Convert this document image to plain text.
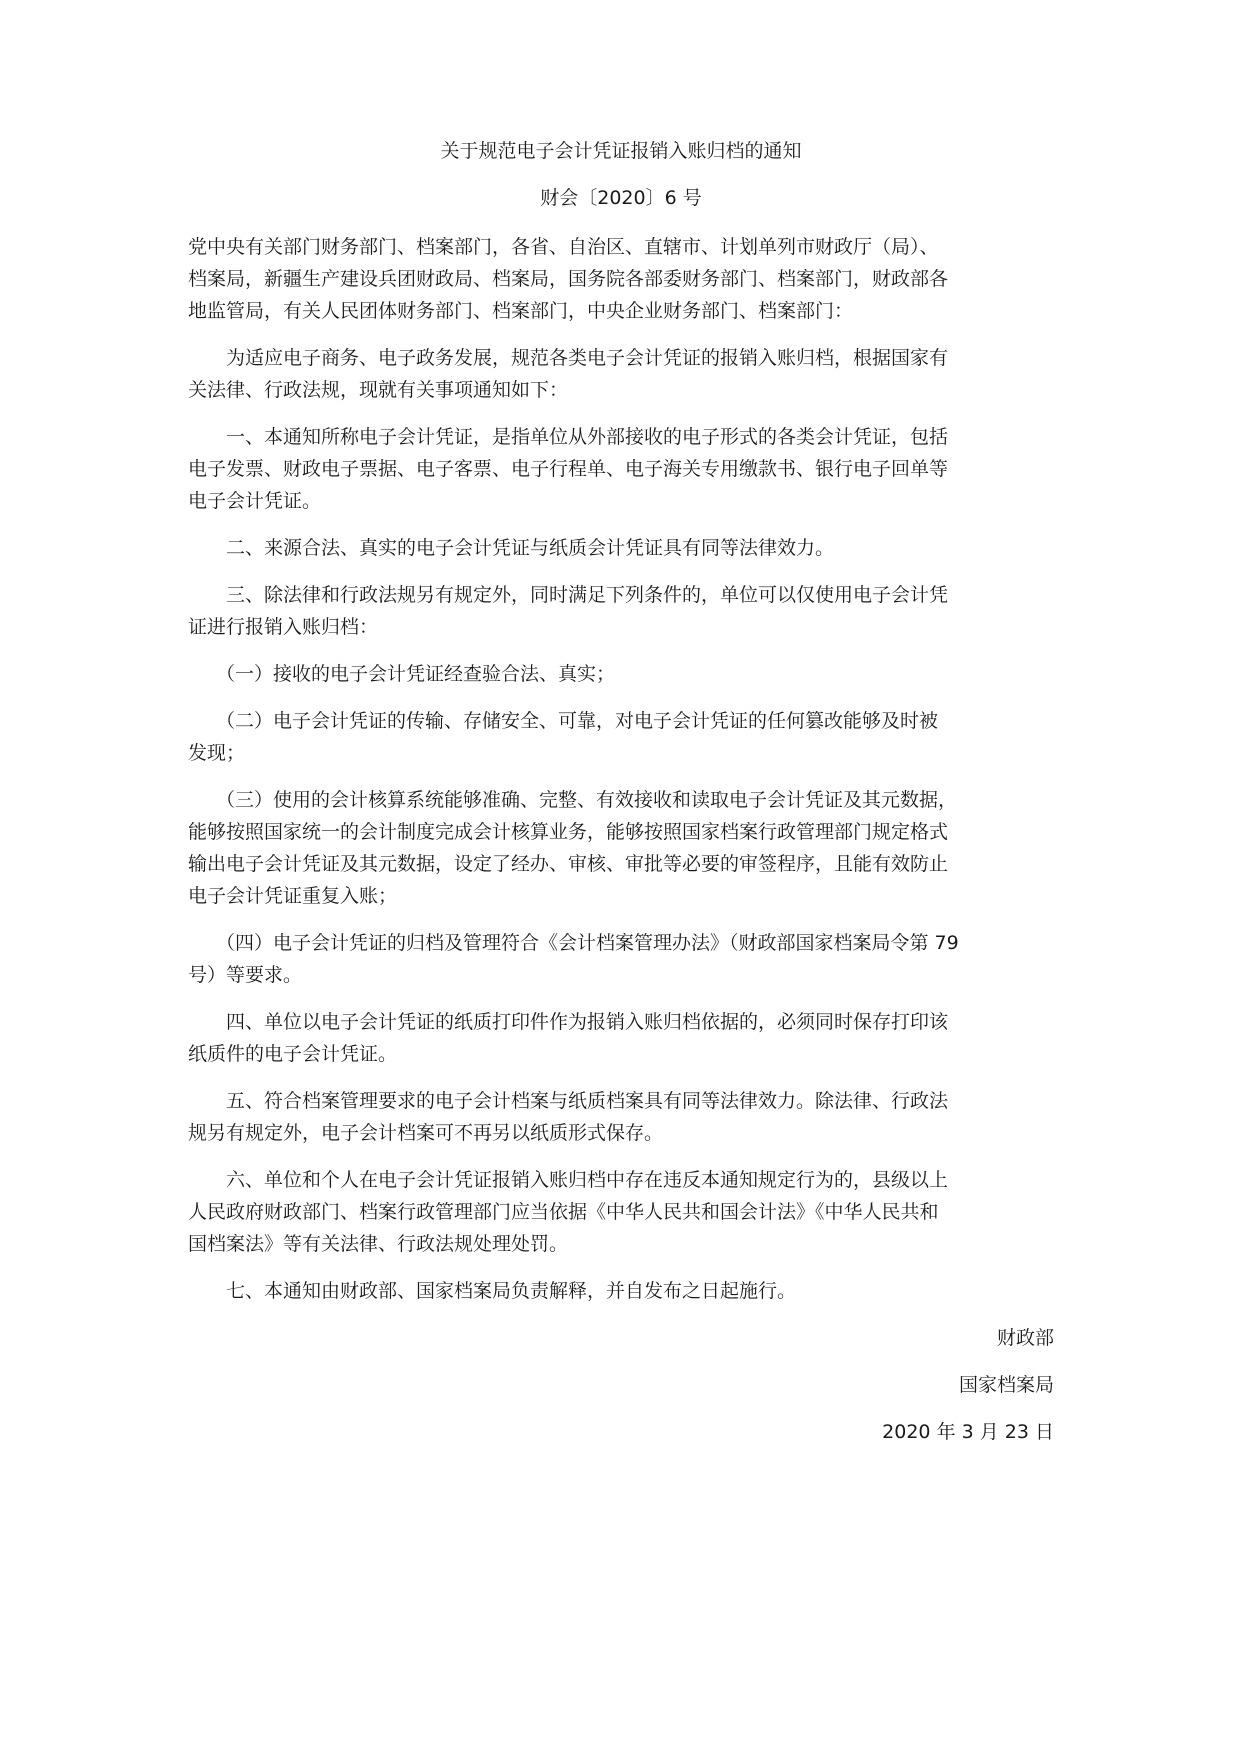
关于规范电子会计凭证报销入账归档的通知

财会〔2020〕6 号

党中央有关部门财务部门、档案部门，各省、自治区、直辖市、计划单列市财政厅（局）、

档案局，新疆生产建设兵团财政局、档案局，国务院各部委财务部门、档案部门，财政部各

地监管局，有关人民团体财务部门、档案部门，中央企业财务部门、档案部门：

为适应电子商务、电子政务发展，规范各类电子会计凭证的报销入账归档，根据国家有

关法律、行政法规，现就有关事项通知如下：

一、本通知所称电子会计凭证，是指单位从外部接收的电子形式的各类会计凭证，包括

电子发票、财政电子票据、电子客票、电子行程单、电子海关专用缴款书、银行电子回单等

电子会计凭证。

二、来源合法、真实的电子会计凭证与纸质会计凭证具有同等法律效力。

三、除法律和行政法规另有规定外，同时满足下列条件的，单位可以仅使用电子会计凭

证进行报销入账归档：

（一）接收的电子会计凭证经查验合法、真实；

（二）电子会计凭证的传输、存储安全、可靠，对电子会计凭证的任何篡改能够及时被

发现；

（三）使用的会计核算系统能够准确、完整、有效接收和读取电子会计凭证及其元数据，

能够按照国家统一的会计制度完成会计核算业务，能够按照国家档案行政管理部门规定格式

输出电子会计凭证及其元数据，设定了经办、审核、审批等必要的审签程序，且能有效防止

电子会计凭证重复入账；

（四）电子会计凭证的归档及管理符合《会计档案管理办法》（财政部国家档案局令第 79

号）等要求。

四、单位以电子会计凭证的纸质打印件作为报销入账归档依据的，必须同时保存打印该

纸质件的电子会计凭证。

五、符合档案管理要求的电子会计档案与纸质档案具有同等法律效力。除法律、行政法

规另有规定外，电子会计档案可不再另以纸质形式保存。

六、单位和个人在电子会计凭证报销入账归档中存在违反本通知规定行为的，县级以上

人民政府财政部门、档案行政管理部门应当依据《中华人民共和国会计法》《中华人民共和

国档案法》等有关法律、行政法规处理处罚。

七、本通知由财政部、国家档案局负责解释，并自发布之日起施行。

财政部

国家档案局

2020 年 3 月 23 日
